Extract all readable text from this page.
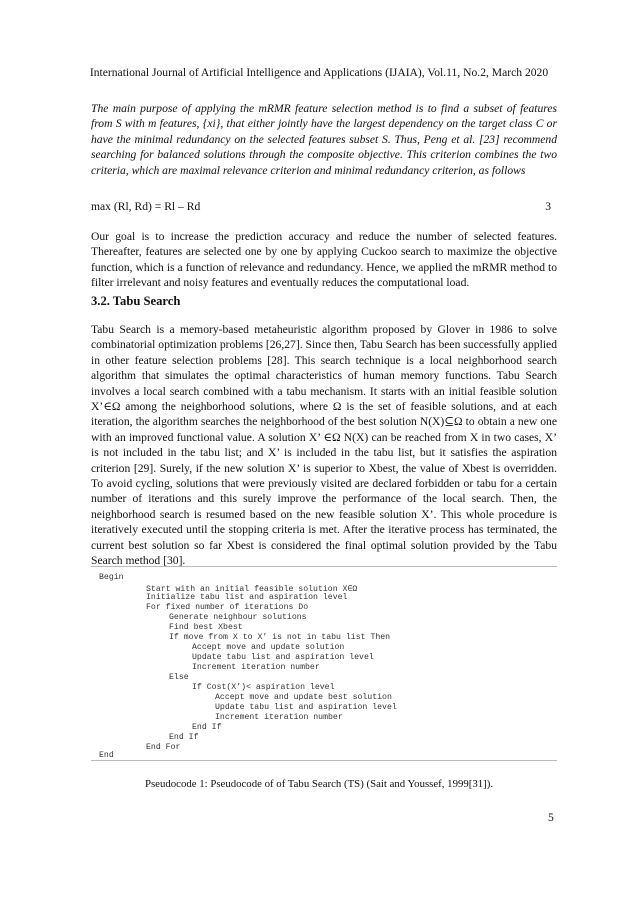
International Journal of Artificial Intelligence and Applications (IJAIA), Vol.11, No.2, March 2020

The main purpose of applying the mRMR feature selection method is to find a subset of features from S with m features, {xi}, that either jointly have the largest dependency on the target class C or have the minimal redundancy on the selected features subset S. Thus, Peng et al. [23] recommend searching for balanced solutions through the composite objective. This criterion combines the two criteria, which are maximal relevance criterion and minimal redundancy criterion, as follows

max (Rl, Rd) = Rl – Rd	3

Our goal is to increase the prediction accuracy and reduce the number of selected features. Thereafter, features are selected one by one by applying Cuckoo search to maximize the objective function, which is a function of relevance and redundancy. Hence, we applied the mRMR method to filter irrelevant and noisy features and eventually reduces the computational load.

3.2. Tabu Search

Tabu Search is a memory-based metaheuristic algorithm proposed by Glover in 1986 to solve combinatorial optimization problems [26,27]. Since then, Tabu Search has been successfully applied in other feature selection problems [28]. This search technique is a local neighborhood search algorithm that simulates the optimal characteristics of human memory functions. Tabu Search involves a local search combined with a tabu mechanism. It starts with an initial feasible solution X’∈Ω among the neighborhood solutions, where Ω is the set of feasible solutions, and at each iteration, the algorithm searches the neighborhood of the best solution N(X)⊆Ω to obtain a new one with an improved functional value. A solution X’ ∈Ω N(X) can be reached from X in two cases, X’ is not included in the tabu list; and X’ is included in the tabu list, but it satisfies the aspiration criterion [29]. Surely, if the new solution X’ is superior to Xbest, the value of Xbest is overridden. To avoid cycling, solutions that were previously visited are declared forbidden or tabu for a certain number of iterations and this surely improve the performance of the local search. Then, the neighborhood search is resumed based on the new feasible solution X’. This whole procedure is iteratively executed until the stopping criteria is met. After the iterative process has terminated, the current best solution so far Xbest is considered the final optimal solution provided by the Tabu Search method [30].

Begin
Start with an initial feasible solution X∈Ω
Initialize tabu list and aspiration level
For fixed number of iterations Do
Generate neighbour solutions
Find best Xbest
If move from X to X’ is not in tabu list Then
Accept move and update solution
Update tabu list and aspiration level
Increment iteration number
Else
If Cost(X’)< aspiration level
Accept move and update best solution
Update tabu list and aspiration level
Increment iteration number
End If
End If
End For
End
Pseudocode 1: Pseudocode of of Tabu Search (TS) (Sait and Youssef, 1999[31]).
5
